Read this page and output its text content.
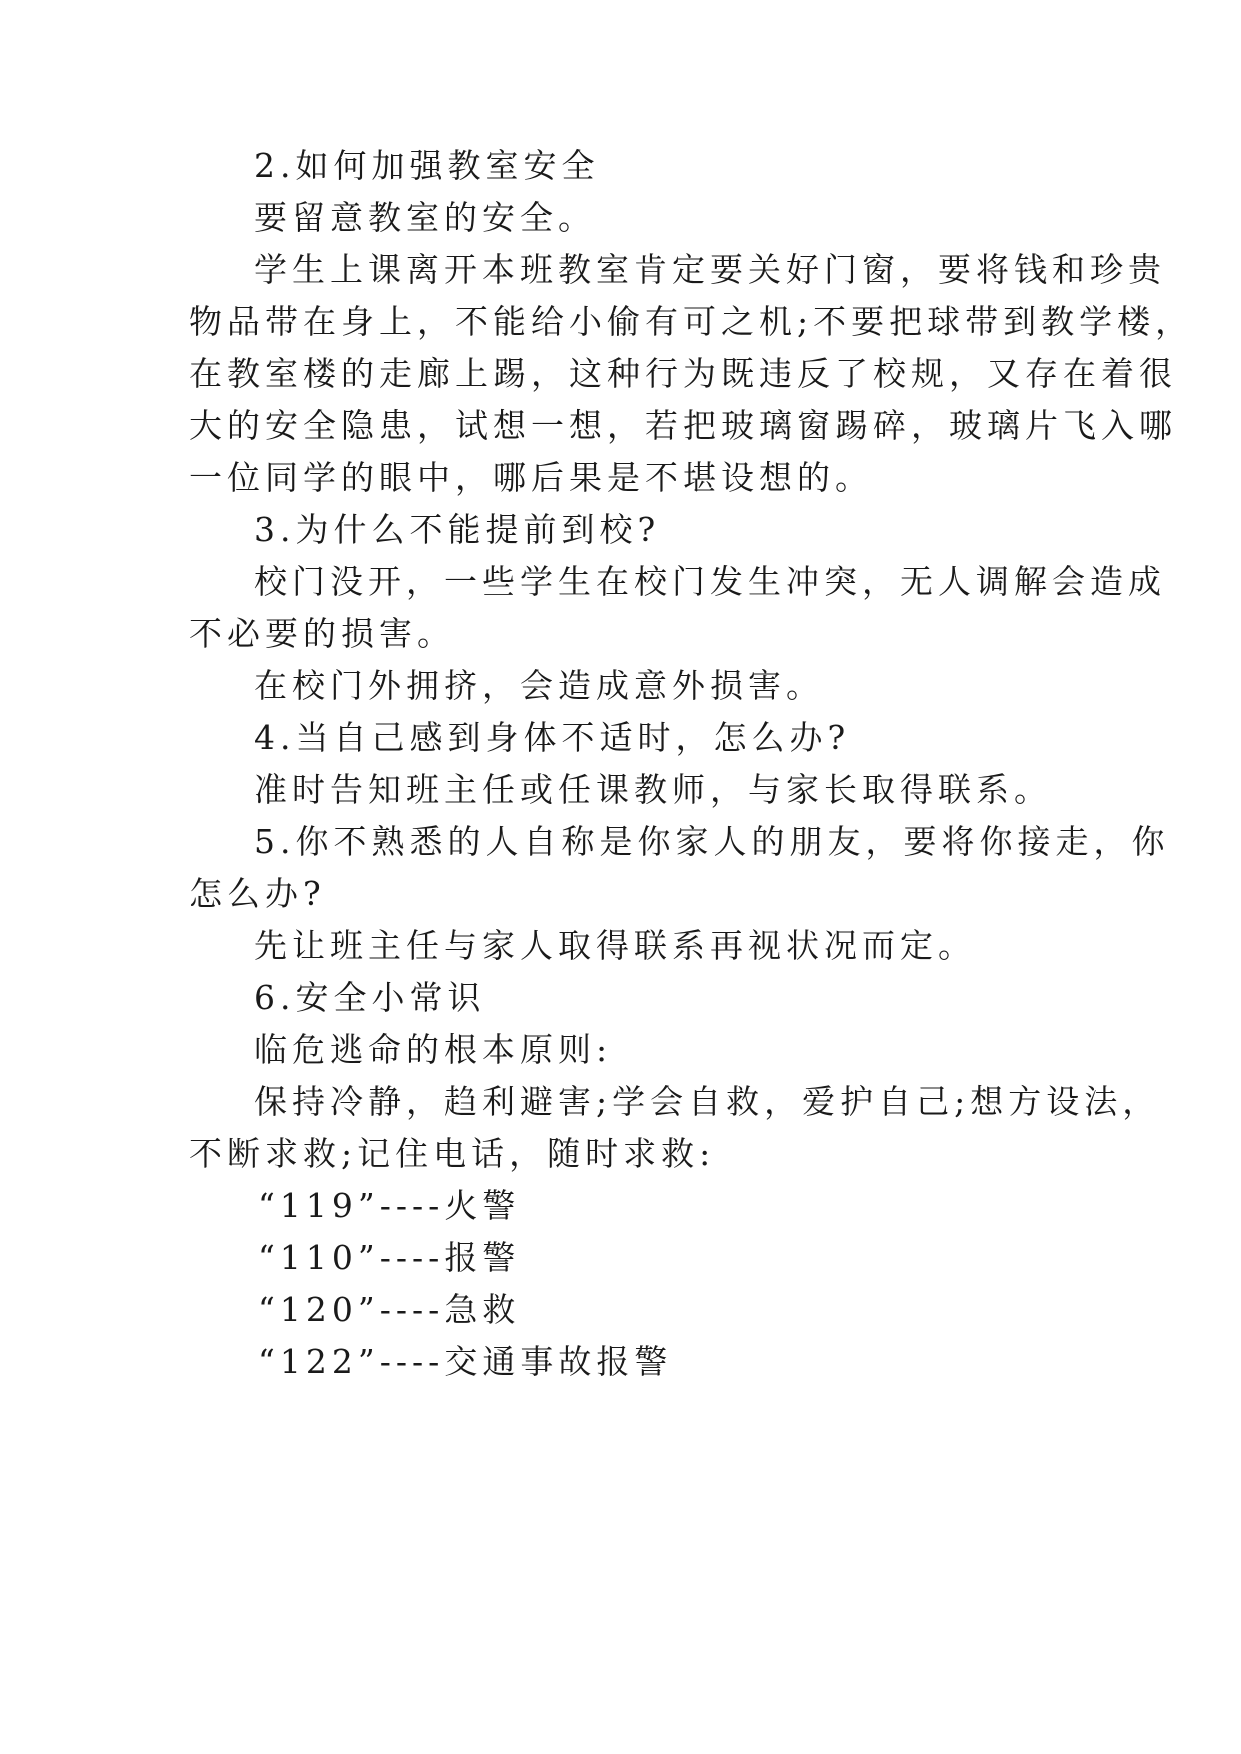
2.如何加强教室安全
要留意教室的安全。
学生上课离开本班教室肯定要关好门窗，要将钱和珍贵
物品带在身上，不能给小偷有可之机;不要把球带到教学楼，
在教室楼的走廊上踢，这种行为既违反了校规，又存在着很
大的安全隐患，试想一想，若把玻璃窗踢碎，玻璃片飞入哪
一位同学的眼中，哪后果是不堪设想的。
3.为什么不能提前到校?
校门没开，一些学生在校门发生冲突，无人调解会造成
不必要的损害。
在校门外拥挤，会造成意外损害。
4.当自己感到身体不适时，怎么办?
准时告知班主任或任课教师，与家长取得联系。
5.你不熟悉的人自称是你家人的朋友，要将你接走，你
怎么办?
先让班主任与家人取得联系再视状况而定。
6.安全小常识
临危逃命的根本原则:
保持冷静，趋利避害;学会自救，爱护自己;想方设法，
不断求救;记住电话，随时求救:
“119”----火警
“110”----报警
“120”----急救
“122”----交通事故报警
